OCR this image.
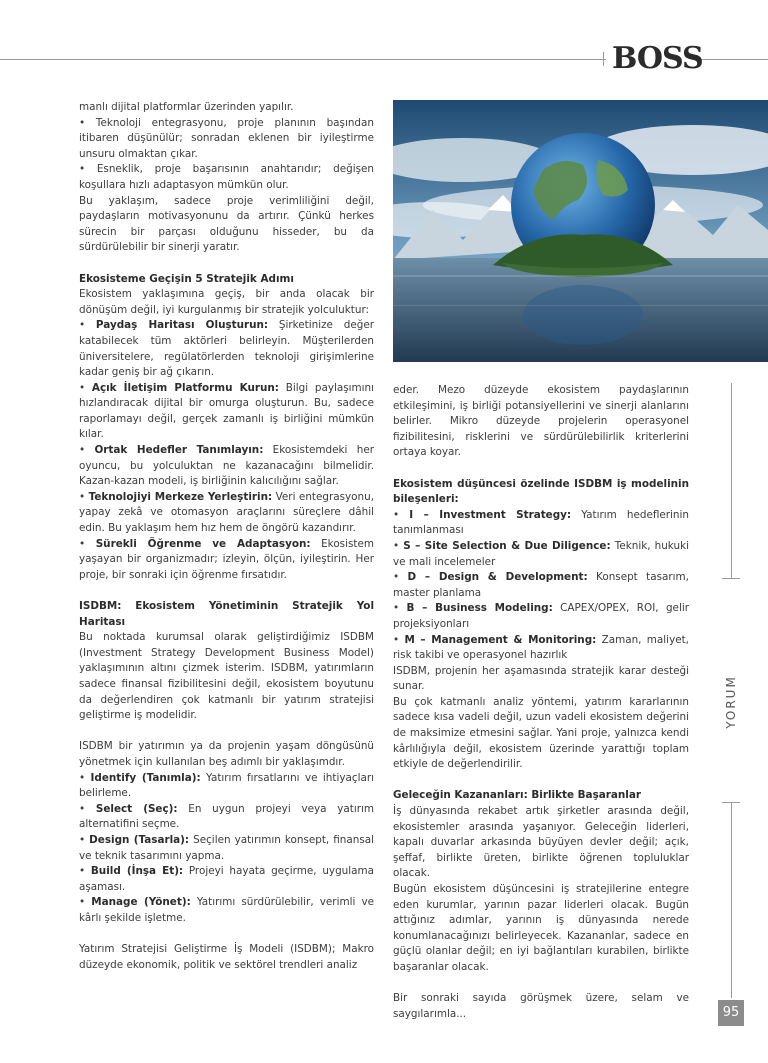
BOSS

manlı dijital platformlar üzerinden yapılır.

• Teknoloji entegrasyonu, proje planının başından itibaren düşünülür; sonradan eklenen bir iyileştirme unsuru olmaktan çıkar.

• Esneklik, proje başarısının anahtarıdır; değişen koşullara hızlı adaptasyon mümkün olur.

Bu yaklaşım, sadece proje verimliliğini değil, paydaşların motivasyonunu da artırır. Çünkü herkes sürecin bir parçası olduğunu hisseder, bu da sürdürülebilir bir sinerji yaratır.

Ekosisteme Geçişin 5 Stratejik Adımı

Ekosistem yaklaşımına geçiş, bir anda olacak bir dönüşüm değil, iyi kurgulanmış bir stratejik yolculuktur:

• Paydaş Haritası Oluşturun: Şirketinize değer katabilecek tüm aktörleri belirleyin. Müşterilerden üniversitelere, regülatörlerden teknoloji girişimlerine kadar geniş bir ağ çıkarın.

• Açık İletişim Platformu Kurun: Bilgi paylaşımını hızlandıracak dijital bir omurga oluşturun. Bu, sadece raporlamayı değil, gerçek zamanlı iş birliğini mümkün kılar.

• Ortak Hedefler Tanımlayın: Ekosistemdeki her oyuncu, bu yolculuktan ne kazanacağını bilmelidir. Kazan-kazan modeli, iş birliğinin kalıcılığını sağlar.

• Teknolojiyi Merkeze Yerleştirin: Veri entegrasyonu, yapay zekâ ve otomasyon araçlarını süreçlere dâhil edin. Bu yaklaşım hem hız hem de öngörü kazandırır.

• Sürekli Öğrenme ve Adaptasyon: Ekosistem yaşayan bir organizmadır; izleyin, ölçün, iyileştirin. Her proje, bir sonraki için öğrenme fırsatıdır.

ISDBM: Ekosistem Yönetiminin Stratejik Yol Haritası

Bu noktada kurumsal olarak geliştirdiğimiz ISDBM (Investment Strategy Development Business Model) yaklaşımının altını çizmek isterim. ISDBM, yatırımların sadece finansal fizibilitesini değil, ekosistem boyutunu da değerlendiren çok katmanlı bir yatırım stratejisi geliştirme iş modelidir.

ISDBM bir yatırımın ya da projenin yaşam döngüsünü yönetmek için kullanılan beş adımlı bir yaklaşımdır.

• Identify (Tanımla): Yatırım fırsatlarını ve ihtiyaçları belirleme.

• Select (Seç): En uygun projeyi veya yatırım alternatifini seçme.

• Design (Tasarla): Seçilen yatırımın konsept, finansal ve teknik tasarımını yapma.

• Build (İnşa Et): Projeyi hayata geçirme, uygulama aşaması.

• Manage (Yönet): Yatırımı sürdürülebilir, verimli ve kârlı şekilde işletme.

Yatırım Stratejisi Geliştirme İş Modeli (ISDBM); Makro düzeyde ekonomik, politik ve sektörel trendleri analiz

eder. Mezo düzeyde ekosistem paydaşlarının etkileşimini, iş birliği potansiyellerini ve sinerji alanlarını belirler. Mikro düzeyde projelerin operasyonel fizibilitesini, risklerini ve sürdürülebilirlik kriterlerini ortaya koyar.

Ekosistem düşüncesi özelinde ISDBM iş modelinin bileşenleri:

• I – Investment Strategy: Yatırım hedeflerinin tanımlanması

• S – Site Selection & Due Diligence: Teknik, hukuki ve mali incelemeler

• D – Design & Development: Konsept tasarım, master planlama

• B – Business Modeling: CAPEX/OPEX, ROI, gelir projeksiyonları

• M – Management & Monitoring: Zaman, maliyet, risk takibi ve operasyonel hazırlık

ISDBM, projenin her aşamasında stratejik karar desteği sunar.

Bu çok katmanlı analiz yöntemi, yatırım kararlarının sadece kısa vadeli değil, uzun vadeli ekosistem değerini de maksimize etmesini sağlar. Yani proje, yalnızca kendi kârlılığıyla değil, ekosistem üzerinde yarattığı toplam etkiyle de değerlendirilir.

Geleceğin Kazananları: Birlikte Başaranlar

İş dünyasında rekabet artık şirketler arasında değil, ekosistemler arasında yaşanıyor. Geleceğin liderleri, kapalı duvarlar arkasında büyüyen devler değil; açık, şeffaf, birlikte üreten, birlikte öğrenen topluluklar olacak.

Bugün ekosistem düşüncesini iş stratejilerine entegre eden kurumlar, yarının pazar liderleri olacak. Bugün attığınız adımlar, yarının iş dünyasında nerede konumlanacağınızı belirleyecek. Kazananlar, sadece en güçlü olanlar değil; en iyi bağlantıları kurabilen, birlikte başaranlar olacak.

Bir sonraki sayıda görüşmek üzere, selam ve saygılarımla...

YORUM
95
